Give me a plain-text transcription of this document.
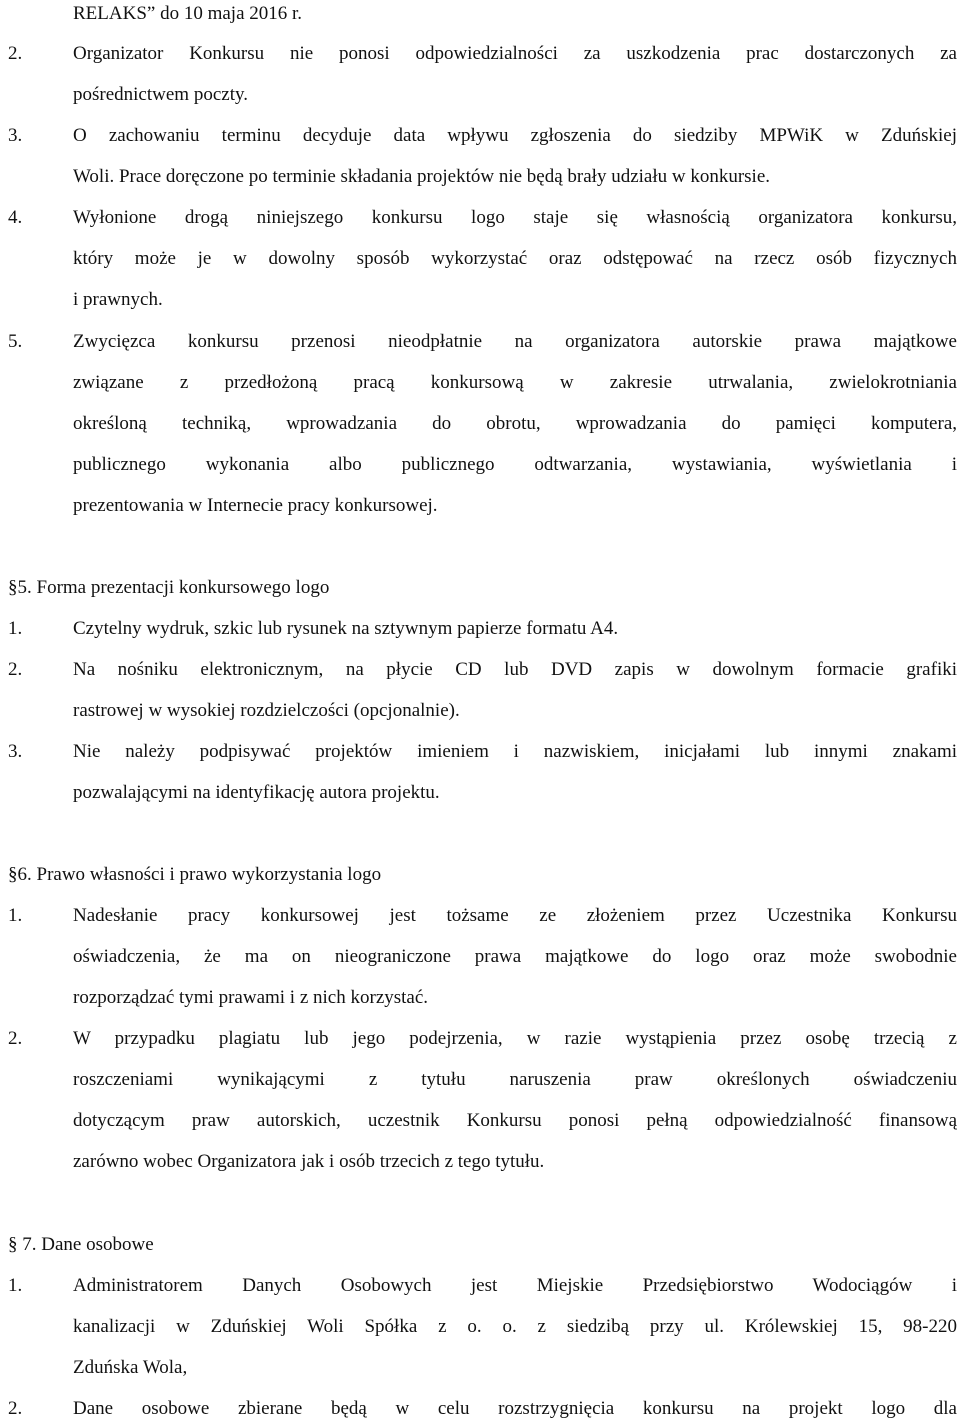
RELAKS” do 10 maja 2016 r.
2.	Organizator Konkursu nie ponosi odpowiedzialności za uszkodzenia prac dostarczonych za
pośrednictwem poczty.
3.	O zachowaniu terminu decyduje data wpływu zgłoszenia do siedziby MPWiK w Zduńskiej
Woli. Prace doręczone po terminie składania projektów nie będą brały udziału w konkursie.
4.	Wyłonione drogą niniejszego konkursu logo staje się własnością organizatora konkursu,
który może je w dowolny sposób wykorzystać oraz odstępować na rzecz osób fizycznych
i prawnych.
5.	Zwycięzca konkursu przenosi nieodpłatnie na organizatora autorskie prawa majątkowe
związane z przedłożoną pracą konkursową w zakresie utrwalania, zwielokrotniania
określoną techniką, wprowadzania do obrotu, wprowadzania do pamięci komputera,
publicznego wykonania albo publicznego odtwarzania, wystawiania, wyświetlania i
prezentowania w Internecie pracy konkursowej.
§5. Forma prezentacji konkursowego logo
1.	Czytelny wydruk, szkic lub rysunek na sztywnym papierze formatu A4.
2.	Na nośniku elektronicznym, na płycie CD lub DVD zapis w dowolnym formacie grafiki
rastrowej w wysokiej rozdzielczości (opcjonalnie).
3.	Nie należy podpisywać projektów imieniem i nazwiskiem, inicjałami lub innymi znakami
pozwalającymi na identyfikację autora projektu.
§6. Prawo własności i prawo wykorzystania logo
1.	Nadesłanie pracy konkursowej jest tożsame ze złożeniem przez Uczestnika Konkursu
oświadczenia, że ma on nieograniczone prawa majątkowe do logo oraz może swobodnie
rozporządzać tymi prawami i z nich korzystać.
2.	W przypadku plagiatu lub jego podejrzenia, w razie wystąpienia przez osobę trzecią z
roszczeniami wynikającymi z tytułu naruszenia praw określonych oświadczeniu
dotyczącym praw autorskich, uczestnik Konkursu ponosi pełną odpowiedzialność finansową
zarówno wobec Organizatora jak i osób trzecich z tego tytułu.
§ 7. Dane osobowe
1.	Administratorem Danych Osobowych jest Miejskie Przedsiębiorstwo Wodociągów i
kanalizacji w Zduńskiej Woli Spółka z o. o. z siedzibą przy ul. Królewskiej 15, 98-220
Zduńska Wola,
2.	Dane osobowe zbierane będą w celu rozstrzygnięcia konkursu na projekt logo dla
